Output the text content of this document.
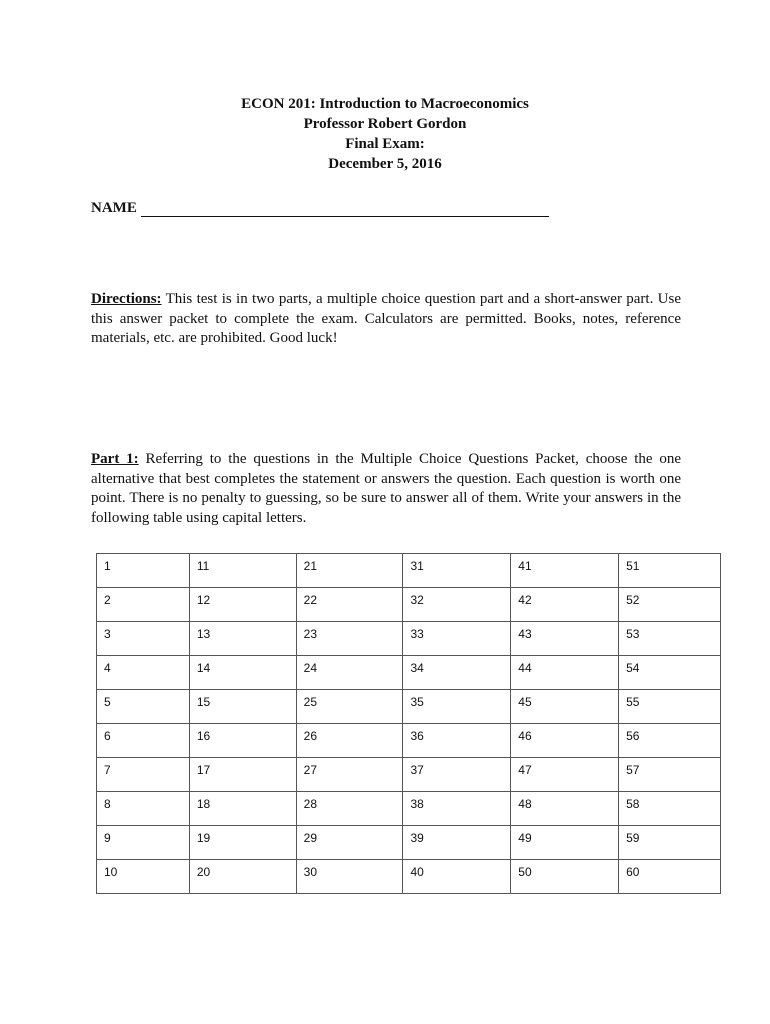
ECON 201: Introduction to Macroeconomics
Professor Robert Gordon
Final Exam:
December 5, 2016
NAME
Directions: This test is in two parts, a multiple choice question part and a short-answer part. Use this answer packet to complete the exam. Calculators are permitted. Books, notes, reference materials, etc. are prohibited. Good luck!
Part 1: Referring to the questions in the Multiple Choice Questions Packet, choose the one alternative that best completes the statement or answers the question. Each question is worth one point. There is no penalty to guessing, so be sure to answer all of them. Write your answers in the following table using capital letters.
1	11	21	31	41	51
2	12	22	32	42	52
3	13	23	33	43	53
4	14	24	34	44	54
5	15	25	35	45	55
6	16	26	36	46	56
7	17	27	37	47	57
8	18	28	38	48	58
9	19	29	39	49	59
10	20	30	40	50	60
